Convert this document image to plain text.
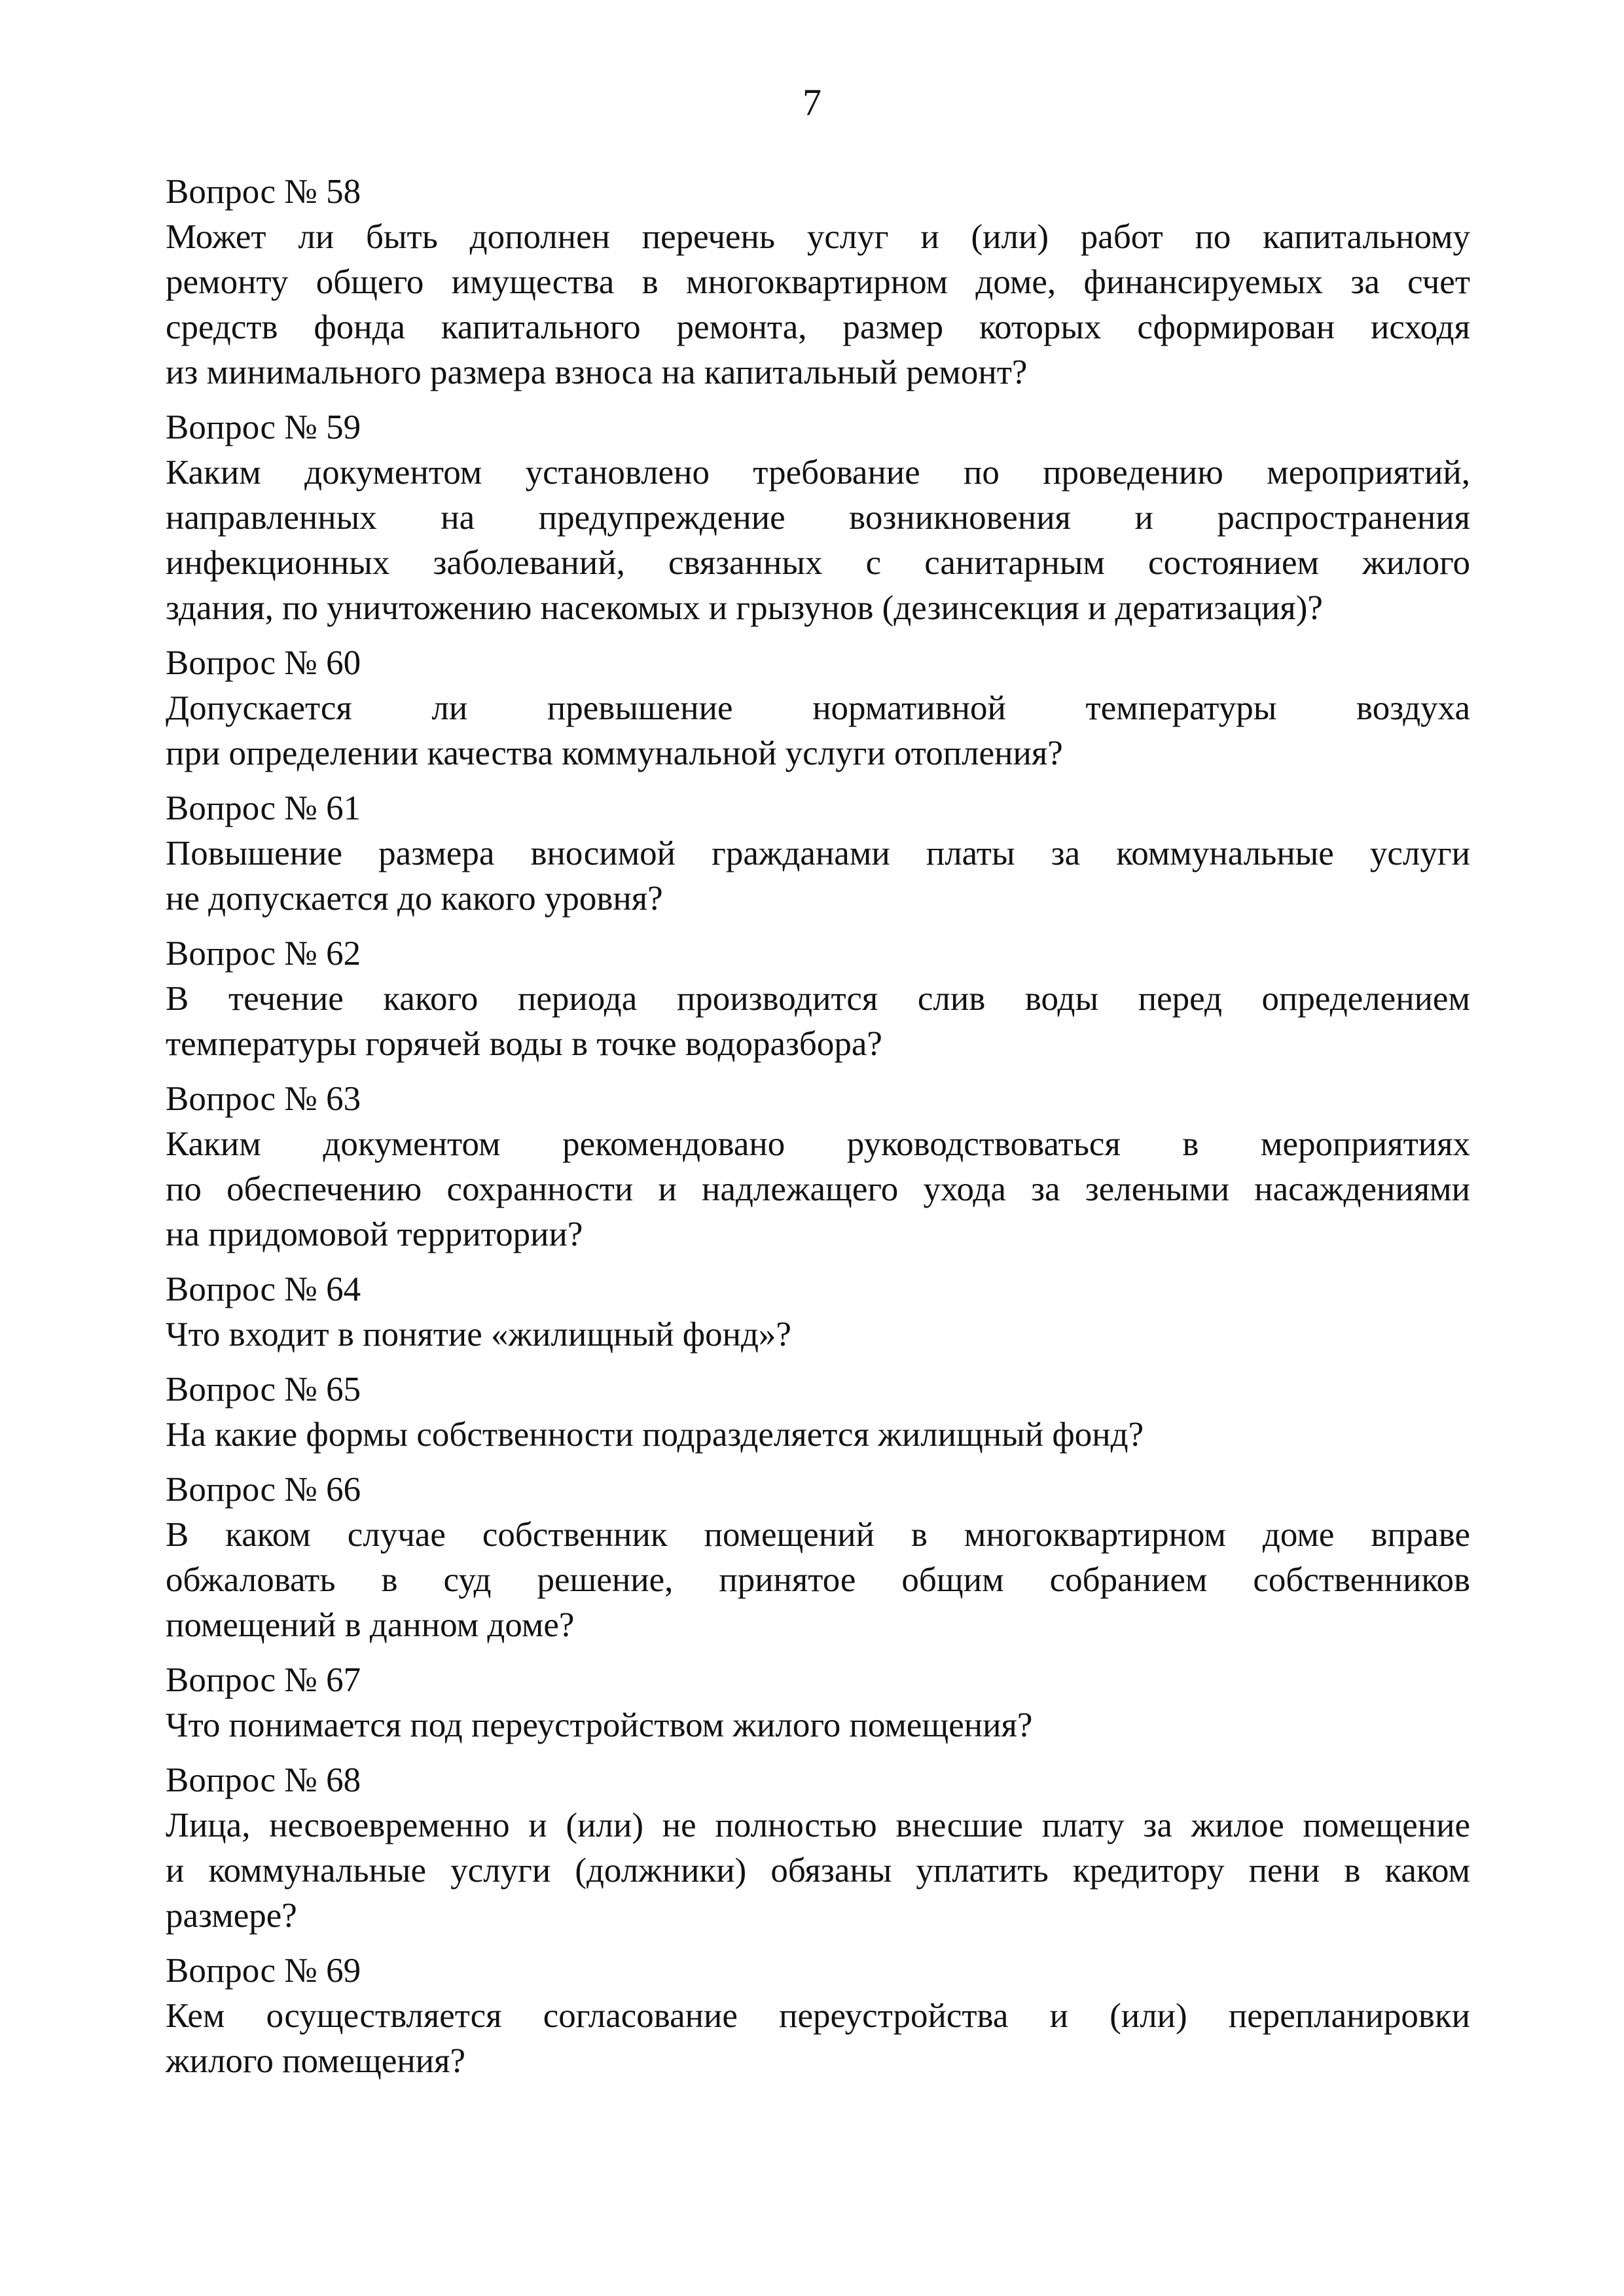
7
Вопрос № 58
Может ли быть дополнен перечень услуг и (или) работ по капитальному
ремонту общего имущества в многоквартирном доме, финансируемых за счет
средств фонда капитального ремонта, размер которых сформирован исходя
из минимального размера взноса на капитальный ремонт?
Вопрос № 59
Каким документом установлено требование по проведению мероприятий,
направленных на предупреждение возникновения и распространения
инфекционных заболеваний, связанных с санитарным состоянием жилого
здания, по уничтожению насекомых и грызунов (дезинсекция и дератизация)?
Вопрос № 60
Допускается ли превышение нормативной температуры воздуха
при определении качества коммунальной услуги отопления?
Вопрос № 61
Повышение размера вносимой гражданами платы за коммунальные услуги
не допускается до какого уровня?
Вопрос № 62
В течение какого периода производится слив воды перед определением
температуры горячей воды в точке водоразбора?
Вопрос № 63
Каким документом рекомендовано руководствоваться в мероприятиях
по обеспечению сохранности и надлежащего ухода за зелеными насаждениями
на придомовой территории?
Вопрос № 64
Что входит в понятие «жилищный фонд»?
Вопрос № 65
На какие формы собственности подразделяется жилищный фонд?
Вопрос № 66
В каком случае собственник помещений в многоквартирном доме вправе
обжаловать в суд решение, принятое общим собранием собственников
помещений в данном доме?
Вопрос № 67
Что понимается под переустройством жилого помещения?
Вопрос № 68
Лица, несвоевременно и (или) не полностью внесшие плату за жилое помещение
и коммунальные услуги (должники) обязаны уплатить кредитору пени в каком
размере?
Вопрос № 69
Кем осуществляется согласование переустройства и (или) перепланировки
жилого помещения?
